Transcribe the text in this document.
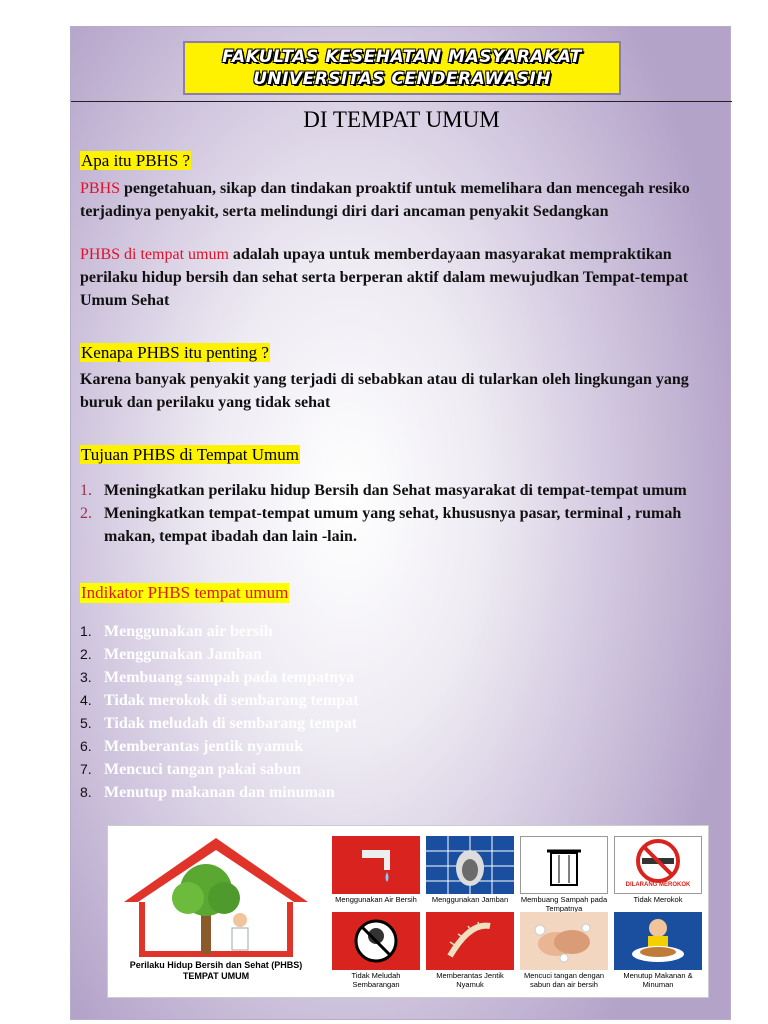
FAKULTAS KESEHATAN MASYARAKAT
UNIVERSITAS CENDERAWASIH
DI TEMPAT UMUM
Apa itu PBHS ?
PBHS pengetahuan, sikap dan tindakan proaktif untuk memelihara dan mencegah resiko terjadinya penyakit, serta melindungi diri dari ancaman penyakit Sedangkan
PHBS di tempat umum adalah upaya untuk memberdayaan masyarakat mempraktikan perilaku hidup bersih dan sehat serta berperan aktif dalam mewujudkan Tempat-tempat Umum Sehat
Kenapa PHBS itu penting ?
Karena banyak penyakit yang terjadi di sebabkan atau di tularkan oleh lingkungan yang buruk dan perilaku yang tidak sehat
Tujuan PHBS di Tempat Umum
1. Meningkatkan perilaku hidup Bersih dan Sehat masyarakat di tempat-tempat umum
2. Meningkatkan tempat-tempat umum yang sehat, khususnya pasar, terminal , rumah makan, tempat ibadah dan lain -lain.
Indikator PHBS tempat umum
1. Menggunakan air bersih
2. Menggunakan Jamban
3. Membuang sampah pada tempatnya
4. Tidak merokok di sembarang tempat
5. Tidak meludah di sembarang tempat
6. Memberantas jentik nyamuk
7. Mencuci tangan pakai sabun
8. Menutup makanan dan minuman
Perilaku Hidup Bersih dan Sehat (PHBS) TEMPAT UMUM
Menggunakan Air Bersih	Menggunakan Jamban	Membuang Sampah pada Tempatnya
DILARANG MEROKOK
Tidak Merokok
Tidak Meludah Sembarangan
Memberantas Jentik Nyamuk
Mencuci tangan dengan sabun dan air bersih
Menutup Makanan & Minuman
